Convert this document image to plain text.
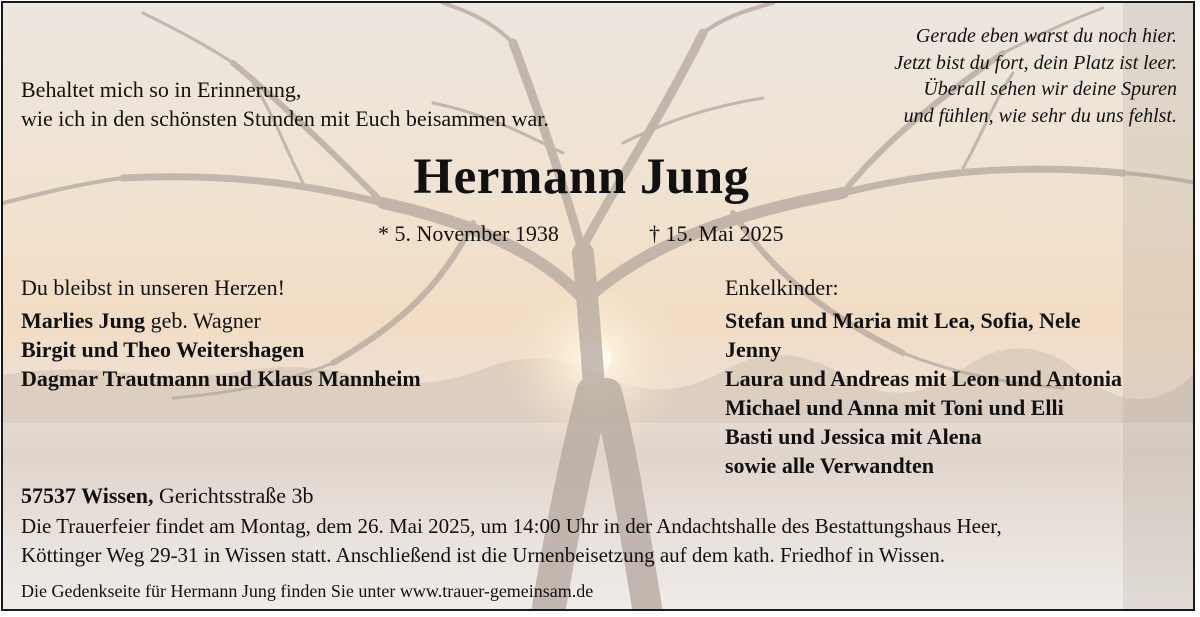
Behaltet mich so in Erinnerung,
wie ich in den schönsten Stunden mit Euch beisammen war.
Gerade eben warst du noch hier.
Jetzt bist du fort, dein Platz ist leer.
Überall sehen wir deine Spuren
und fühlen, wie sehr du uns fehlst.
Hermann Jung
* 5. November 1938	† 15. Mai 2025
Du bleibst in unseren Herzen!
Marlies Jung geb. Wagner
Birgit und Theo Weitershagen
Dagmar Trautmann und Klaus Mannheim
Enkelkinder:
Stefan und Maria mit Lea, Sofia, Nele
Jenny
Laura und Andreas mit Leon und Antonia
Michael und Anna mit Toni und Elli
Basti und Jessica mit Alena
sowie alle Verwandten
57537 Wissen, Gerichtsstraße 3b
Die Trauerfeier findet am Montag, dem 26. Mai 2025, um 14:00 Uhr in der Andachtshalle des Bestattungshaus Heer,
Köttinger Weg 29-31 in Wissen statt. Anschließend ist die Urnenbeisetzung auf dem kath. Friedhof in Wissen.
Die Gedenkseite für Hermann Jung finden Sie unter www.trauer-gemeinsam.de
